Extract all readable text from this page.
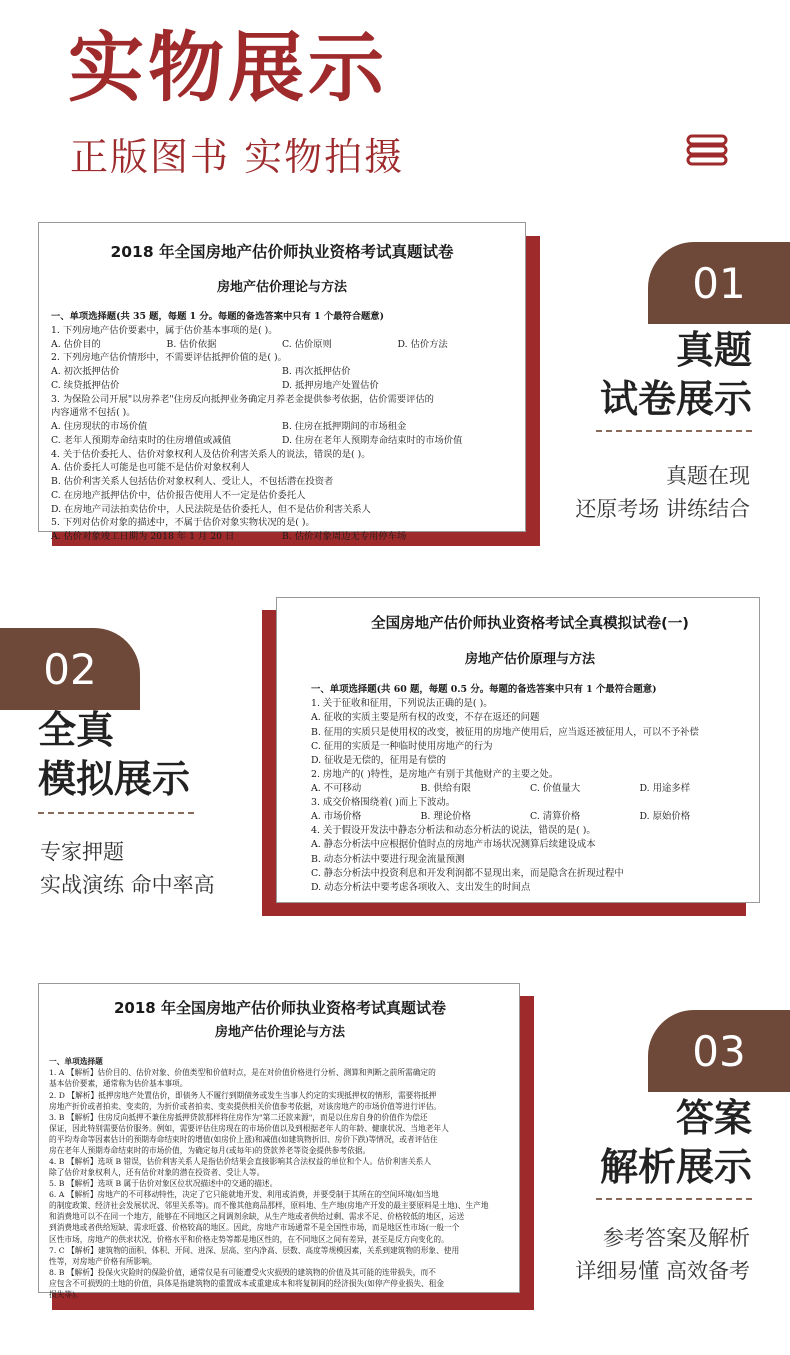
实物展示
正版图书 实物拍摄
2018 年全国房地产估价师执业资格考试真题试卷
房地产估价理论与方法
一、单项选择题(共 35 题，每题 1 分。每题的备选答案中只有 1 个最符合题意)
1. 下列房地产估价要素中，属于估价基本事项的是( )。
A. 估价目的	B. 估价依据	C. 估价原则	D. 估价方法
2. 下列房地产估价情形中，不需要评估抵押价值的是( )。
A. 初次抵押估价	B. 再次抵押估价
C. 续贷抵押估价	D. 抵押房地产处置估价
3. 为保险公司开展"以房养老"住房反向抵押业务确定月养老金提供参考依据，估价需要评估的
内容通常不包括( )。
A. 住房现状的市场价值	B. 住房在抵押期间的市场租金
C. 老年人预期寿命结束时的住房增值或减值	D. 住房在老年人预期寿命结束时的市场价值
4. 关于估价委托人、估价对象权利人及估价利害关系人的说法，错误的是( )。
A. 估价委托人可能是也可能不是估价对象权利人
B. 估价利害关系人包括估价对象权利人、受让人，不包括潜在投资者
C. 在房地产抵押估价中，估价报告使用人不一定是估价委托人
D. 在房地产司法拍卖估价中，人民法院是估价委托人，但不是估价利害关系人
5. 下列对估价对象的描述中，不属于估价对象实物状况的是( )。
A. 估价对象竣工日期为 2018 年 1 月 20 日	B. 估价对象周边无专用停车场
01
真题
试卷展示
真题在现
还原考场 讲练结合
全国房地产估价师执业资格考试全真模拟试卷(一)
房地产估价原理与方法
一、单项选择题(共 60 题，每题 0.5 分。每题的备选答案中只有 1 个最符合题意)
1. 关于征收和征用，下列说法正确的是( )。
A. 征收的实质主要是所有权的改变，不存在返还的问题
B. 征用的实质只是使用权的改变，被征用的房地产使用后，应当返还被征用人，可以不予补偿
C. 征用的实质是一种临时使用房地产的行为
D. 征收是无偿的，征用是有偿的
2. 房地产的( )特性，是房地产有别于其他财产的主要之处。
A. 不可移动	B. 供给有限	C. 价值量大	D. 用途多样
3. 成交价格围绕着( )而上下波动。
A. 市场价格	B. 理论价格	C. 清算价格	D. 原始价格
4. 关于假设开发法中静态分析法和动态分析法的说法，错误的是( )。
A. 静态分析法中应根据价值时点的房地产市场状况测算后续建设成本
B. 动态分析法中要进行现金流量预测
C. 静态分析法中投资利息和开发利润都不显现出来，而是隐含在折现过程中
D. 动态分析法中要考虑各项收入、支出发生的时间点
02
全真
模拟展示
专家押题
实战演练 命中率高
2018 年全国房地产估价师执业资格考试真题试卷
房地产估价理论与方法
一、单项选择题
1. A 【解析】估价目的、估价对象、价值类型和价值时点，是在对价值价格进行分析、测算和判断之前所需确定的
基本估价要素，通常称为估价基本事项。
2. D 【解析】抵押房地产处置估价，即债务人不履行到期债务或发生当事人约定的实现抵押权的情形，需要将抵押
房地产折价或者拍卖、变卖的，为折价或者拍卖、变卖提供相关价值参考依据，对该房地产的市场价值等进行评估。
3. B 【解析】住房反向抵押不兼住房抵押贷款那样将住房作为"第二还款来源"，而是以住房自身的价值作为偿还
保证，因此特别需要估价服务。例如，需要评估住房现在的市场价值以及到根据老年人的年龄、健康状况、当地老年人
的平均寿命等因素估计的预期寿命结束时的增值(如房价上涨)和减值(如建筑物折旧、房价下跌)等情况，或者评估住
房在老年人预期寿命结束时的市场价值，为确定每月(或每年)的贷款养老等资金提供参考依据。
4. B 【解析】选项 B 错误，估价利害关系人是指估价结果会直接影响其合法权益的单位和个人。估价利害关系人
除了估价对象权利人，还有估价对象的潜在投资者、受让人等。
5. B 【解析】选项 B 属于估价对象区位状况描述中的交通的描述。
6. A 【解析】房地产的不可移动特性，决定了它只能就地开发、利用或消费，并要受制于其所在的空间环境(如当地
的制度政策、经济社会发展状况、邻里关系等)。而不像其他商品那样，原料地、生产地(房地产开发的最主要原料是土地)、生产地
和消费地可以不在同一个地方，能够在不同地区之间调剂余缺，从生产地或者供给过剩、需求不足、价格较低的地区，运送
到消费地或者供给短缺、需求旺盛、价格较高的地区。因此，房地产市场通常不是全国性市场，而是地区性市场(一般一个
区性市场，房地产的供求状况、价格水平和价格走势等都是地区性的，在不同地区之间有差异，甚至是反方向变化的。
7. C 【解析】建筑物的面积、体积、开间、进深、层高、室内净高、层数、高度等规模因素，关系到建筑物的形象、使用
性等，对房地产价格有所影响。
8. B 【解析】投保火灾险时的保险价值，通常仅是有可能遭受火灾损毁的建筑物的价值及其可能的连带损失，而不
应包含不可损毁的土地的价值，具体是指建筑物的重置成本或重建成本和将复制间的经济损失(如停产停业损失、租金
损失等)。
03
答案
解析展示
参考答案及解析
详细易懂 高效备考
